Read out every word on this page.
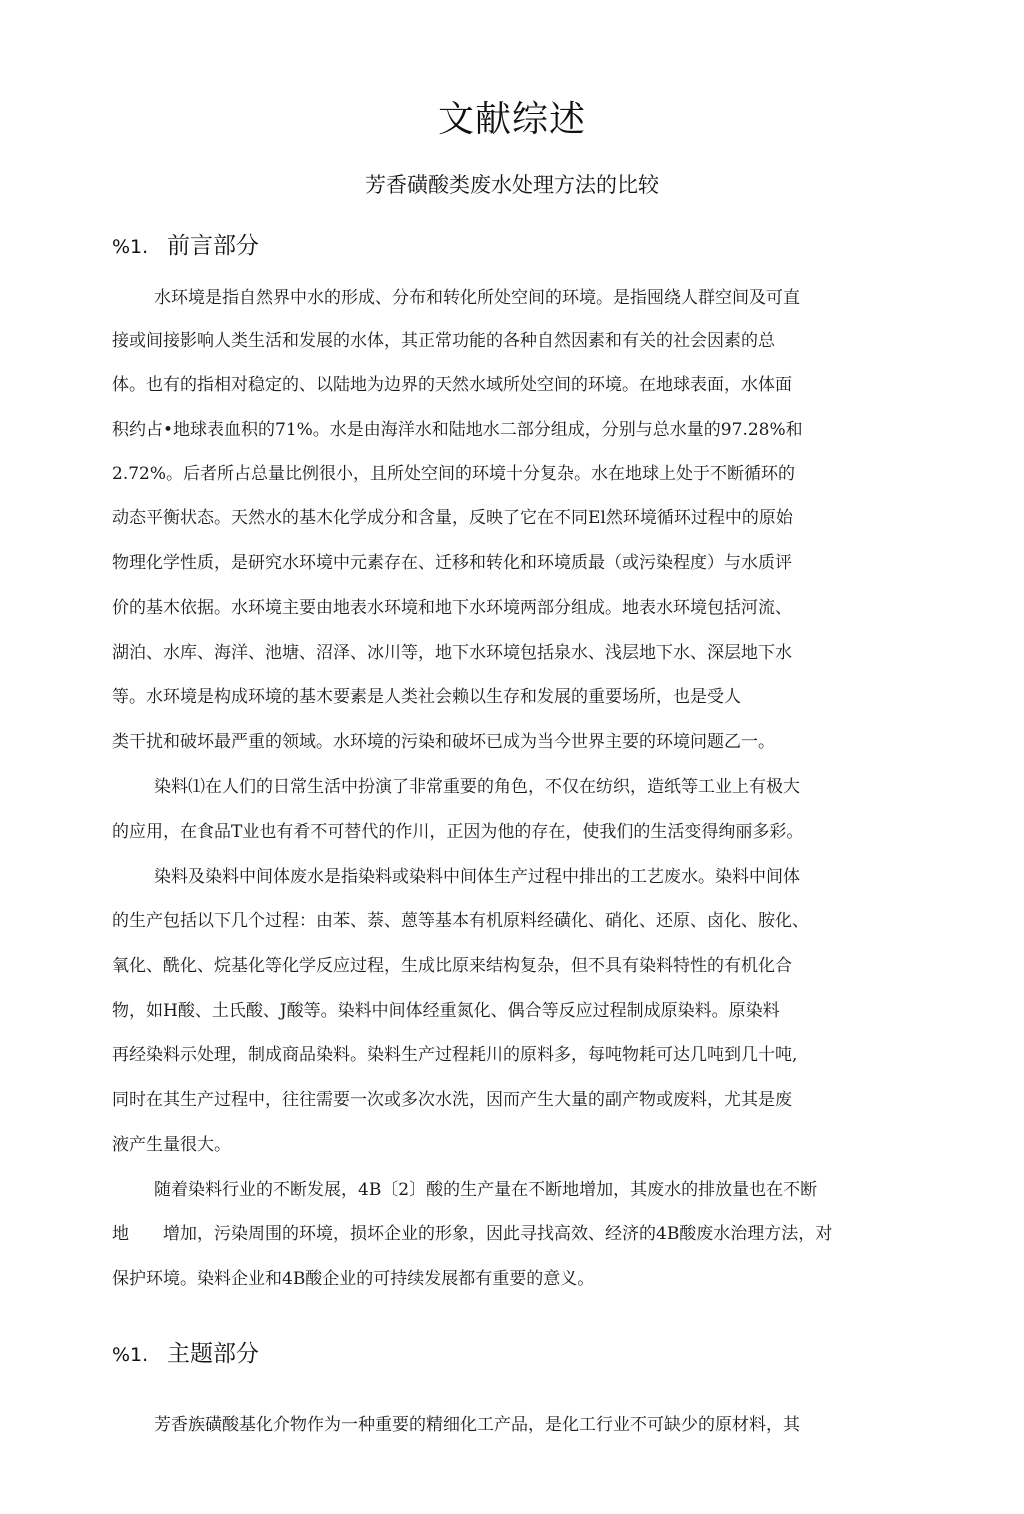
文献综述
芳香磺酸类废水处理方法的比较
%1. 前言部分
水环境是指自然界中水的形成、分布和转化所处空间的环境。是指囤绕人群空间及可直
接或间接影响人类生活和发展的水体，其正常功能的各种自然因素和有关的社会因素的总
体。也有的指相对稳定的、以陆地为边界的天然水域所处空间的环境。在地球表面，水体面
积约占•地球表血积的71%。水是由海洋水和陆地水二部分组成，分别与总水量的97.28%和
2.72%。后者所占总量比例很小，且所处空间的环境十分复杂。水在地球上处于不断循环的
动态平衡状态。天然水的基木化学成分和含量，反映了它在不同El然环境循环过程中的原始
物理化学性质，是研究水环境中元素存在、迁移和转化和环境质最（或污染程度）与水质评
价的基木依据。水环境主要由地表水环境和地下水环境两部分组成。地表水环境包括河流、
湖泊、水库、海洋、池塘、沼泽、冰川等，地下水环境包括泉水、浅层地下水、深层地下水
等。水环境是构成环境的基木要素是人类社会赖以生存和发展的重要场所，也是受人
类干扰和破坏最严重的领域。水环境的污染和破坏已成为当今世界主要的环境问题乙一。
染料⑴在人们的日常生活中扮演了非常重要的角色，不仅在纺织，造纸等工业上有极大
的应用，在食品T业也有肴不可替代的作川，正因为他的存在，使我们的生活变得绚丽多彩。
染料及染料中间体废水是指染料或染料中间体生产过程中排出的工艺废水。染料中间体
的生产包括以下几个过程：由苯、萘、蒽等基本有机原料经磺化、硝化、还原、卤化、胺化、
氧化、酰化、烷基化等化学反应过程，生成比原来结构复杂，但不具有染料特性的有机化合
物，如H酸、土氏酸、J酸等。染料中间体经重氮化、偶合等反应过程制成原染料。原染料
再经染料示处理，制成商品染料。染料生产过程耗川的原料多，每吨物耗可达几吨到几十吨,
同时在其生产过程中，往往需要一次或多次水洗，因而产生大量的副产物或废料，尤其是废
液产生量很大。
随着染料行业的不断发展，4B〔2〕酸的生产量在不断地增加，其废水的排放量也在不断
地　　增加，污染周围的环境，损坏企业的形象，因此寻找高效、经济的4B酸废水治理方法，对
保护环境。染料企业和4B酸企业的可持续发展都有重要的意义。
%1. 主题部分
芳香族磺酸基化介物作为一种重要的精细化工产品，是化工行业不可缺少的原材料，其
